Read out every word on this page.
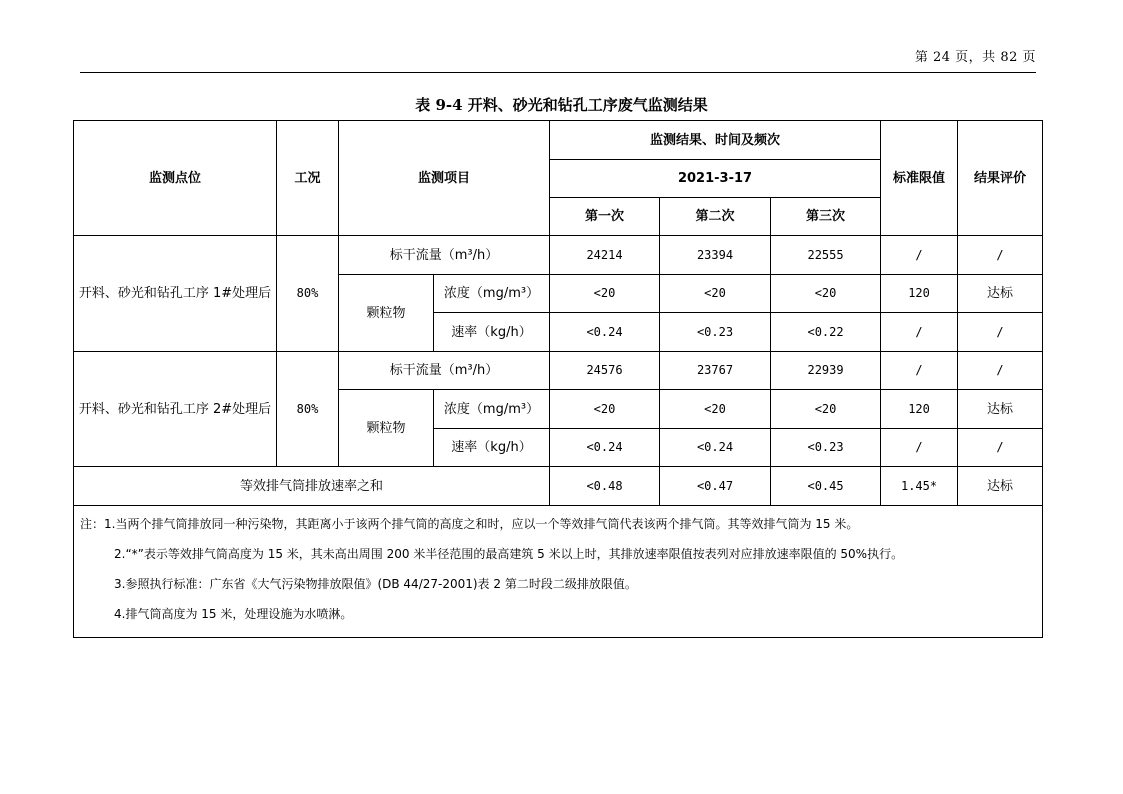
第 24 页，共 82 页
表 9-4 开料、砂光和钻孔工序废气监测结果
监测点位	工况	监测项目		监测结果、时间及频次			标准限值	结果评价
				2021-3-17				
				第一次	第二次	第三次		
开料、砂光和钻孔工序 1#处理后	80%	标干流量（m³/h）		24214	23394	22555	/	/
		颗粒物	浓度（mg/m³）	<20	<20	<20	120	达标
			速率（kg/h）	<0.24	<0.23	<0.22	/	/
开料、砂光和钻孔工序 2#处理后	80%	标干流量（m³/h）		24576	23767	22939	/	/
		颗粒物	浓度（mg/m³）	<20	<20	<20	120	达标
			速率（kg/h）	<0.24	<0.24	<0.23	/	/
等效排气筒排放速率之和				<0.48	<0.47	<0.45	1.45*	达标

注：1.当两个排气筒排放同一种污染物，其距离小于该两个排气筒的高度之和时，应以一个等效排气筒代表该两个排气筒。其等效排气筒为 15 米。
2.“*”表示等效排气筒高度为 15 米，其未高出周围 200 米半径范围的最高建筑 5 米以上时，其排放速率限值按表列对应排放速率限值的 50%执行。
3.参照执行标准：广东省《大气污染物排放限值》(DB 44/27-2001)表 2 第二时段二级排放限值。
4.排气筒高度为 15 米，处理设施为水喷淋。								
